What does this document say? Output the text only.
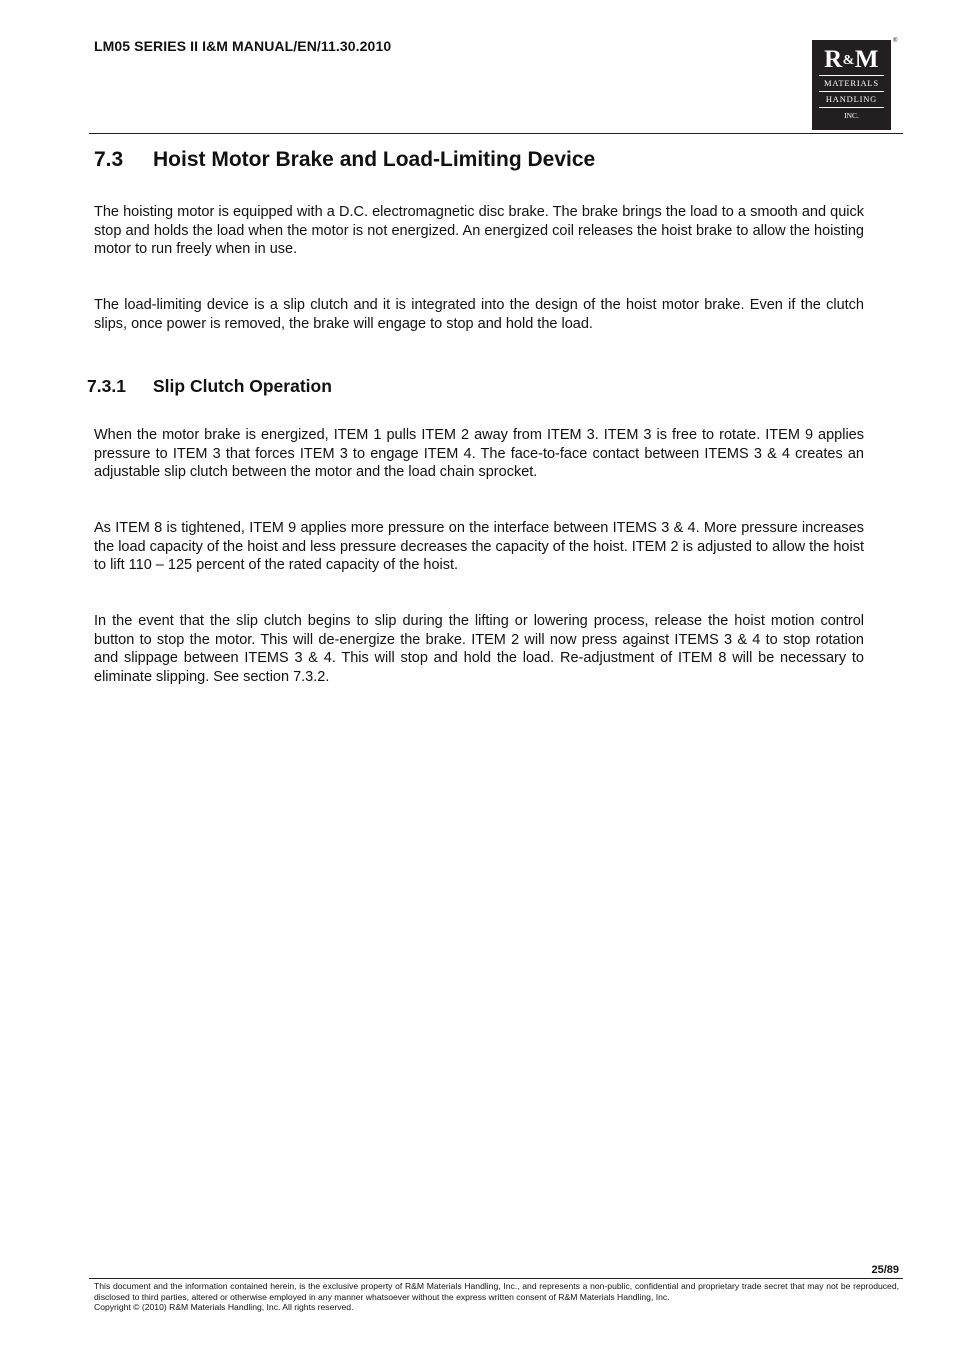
LM05 SERIES II I&M MANUAL/EN/11.30.2010	R&M
MATERIALS
HANDLING
INC.
®
7.3 Hoist Motor Brake and Load-Limiting Device

The hoisting motor is equipped with a D.C. electromagnetic disc brake. The brake brings the load to a smooth and quick stop and holds the load when the motor is not energized. An energized coil releases the hoist brake to allow the hoisting motor to run freely when in use.

The load-limiting device is a slip clutch and it is integrated into the design of the hoist motor brake. Even if the clutch slips, once power is removed, the brake will engage to stop and hold the load.

7.3.1 Slip Clutch Operation

When the motor brake is energized, ITEM 1 pulls ITEM 2 away from ITEM 3. ITEM 3 is free to rotate. ITEM 9 applies pressure to ITEM 3 that forces ITEM 3 to engage ITEM 4. The face-to-face contact between ITEMS 3 & 4 creates an adjustable slip clutch between the motor and the load chain sprocket.

As ITEM 8 is tightened, ITEM 9 applies more pressure on the interface between ITEMS 3 & 4. More pressure increases the load capacity of the hoist and less pressure decreases the capacity of the hoist. ITEM 2 is adjusted to allow the hoist to lift 110 – 125 percent of the rated capacity of the hoist.

In the event that the slip clutch begins to slip during the lifting or lowering process, release the hoist motion control button to stop the motor. This will de-energize the brake. ITEM 2 will now press against ITEMS 3 & 4 to stop rotation and slippage between ITEMS 3 & 4. This will stop and hold the load. Re-adjustment of ITEM 8 will be necessary to eliminate slipping. See section 7.3.2.

25/89
This document and the information contained herein, is the exclusive property of R&M Materials Handling, Inc., and represents a non-public, confidential and proprietary trade secret that may not be reproduced, disclosed to third parties, altered or otherwise employed in any manner whatsoever without the express written consent of R&M Materials Handling, Inc.
Copyright © (2010) R&M Materials Handling, Inc. All rights reserved.
